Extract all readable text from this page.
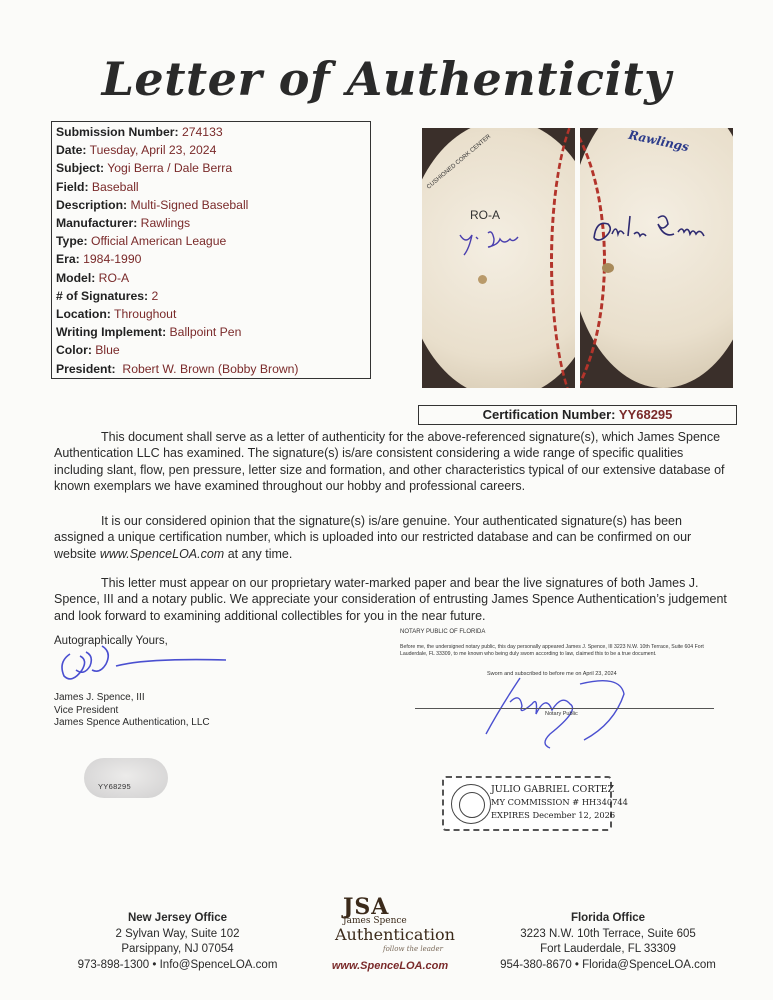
Letter of Authenticity
Submission Number: 274133
Date: Tuesday, April 23, 2024
Subject: Yogi Berra / Dale Berra
Field: Baseball
Description: Multi-Signed Baseball
Manufacturer: Rawlings
Type: Official American League
Era: 1984-1990
Model: RO-A
# of Signatures: 2
Location: Throughout
Writing Implement: Ballpoint Pen
Color: Blue
President: Robert W. Brown (Bobby Brown)
RO-A
CUSHIONED CORK CENTER	Rawlings
Certification Number: YY68295
This document shall serve as a letter of authenticity for the above-referenced signature(s), which James Spence Authentication LLC has examined. The signature(s) is/are consistent considering a wide range of specific qualities including slant, flow, pen pressure, letter size and formation, and other characteristics typical of our extensive database of known exemplars we have examined throughout our hobby and professional careers.
It is our considered opinion that the signature(s) is/are genuine. Your authenticated signature(s) has been assigned a unique certification number, which is uploaded into our restricted database and can be confirmed on our website www.SpenceLOA.com at any time.
This letter must appear on our proprietary water-marked paper and bear the live signatures of both James J. Spence, III and a notary public. We appreciate your consideration of entrusting James Spence Authentication’s judgement and look forward to examining additional collectibles for you in the near future.
Autographically Yours,
James J. Spence, III
Vice President
James Spence Authentication, LLC
NOTARY PUBLIC OF FLORIDA
Before me, the undersigned notary public, this day personally appeared James J. Spence, III 3223 N.W. 10th Terrace, Suite 604 Fort Lauderdale, FL 33309, to me known who being duly sworn according to law, claimed this to be a true document.
Sworn and subscribed to before me on April 23, 2024
Notary Public
JULIO GABRIEL CORTEZ
MY COMMISSION # HH340744
EXPIRES December 12, 2026
YY68295
New Jersey Office
2 Sylvan Way, Suite 102
Parsippany, NJ 07054
973-898-1300 • Info@SpenceLOA.com
JSA
James Spence
Authentication
follow the leader
www.SpenceLOA.com
Florida Office
3223 N.W. 10th Terrace, Suite 605
Fort Lauderdale, FL 33309
954-380-8670 • Florida@SpenceLOA.com
